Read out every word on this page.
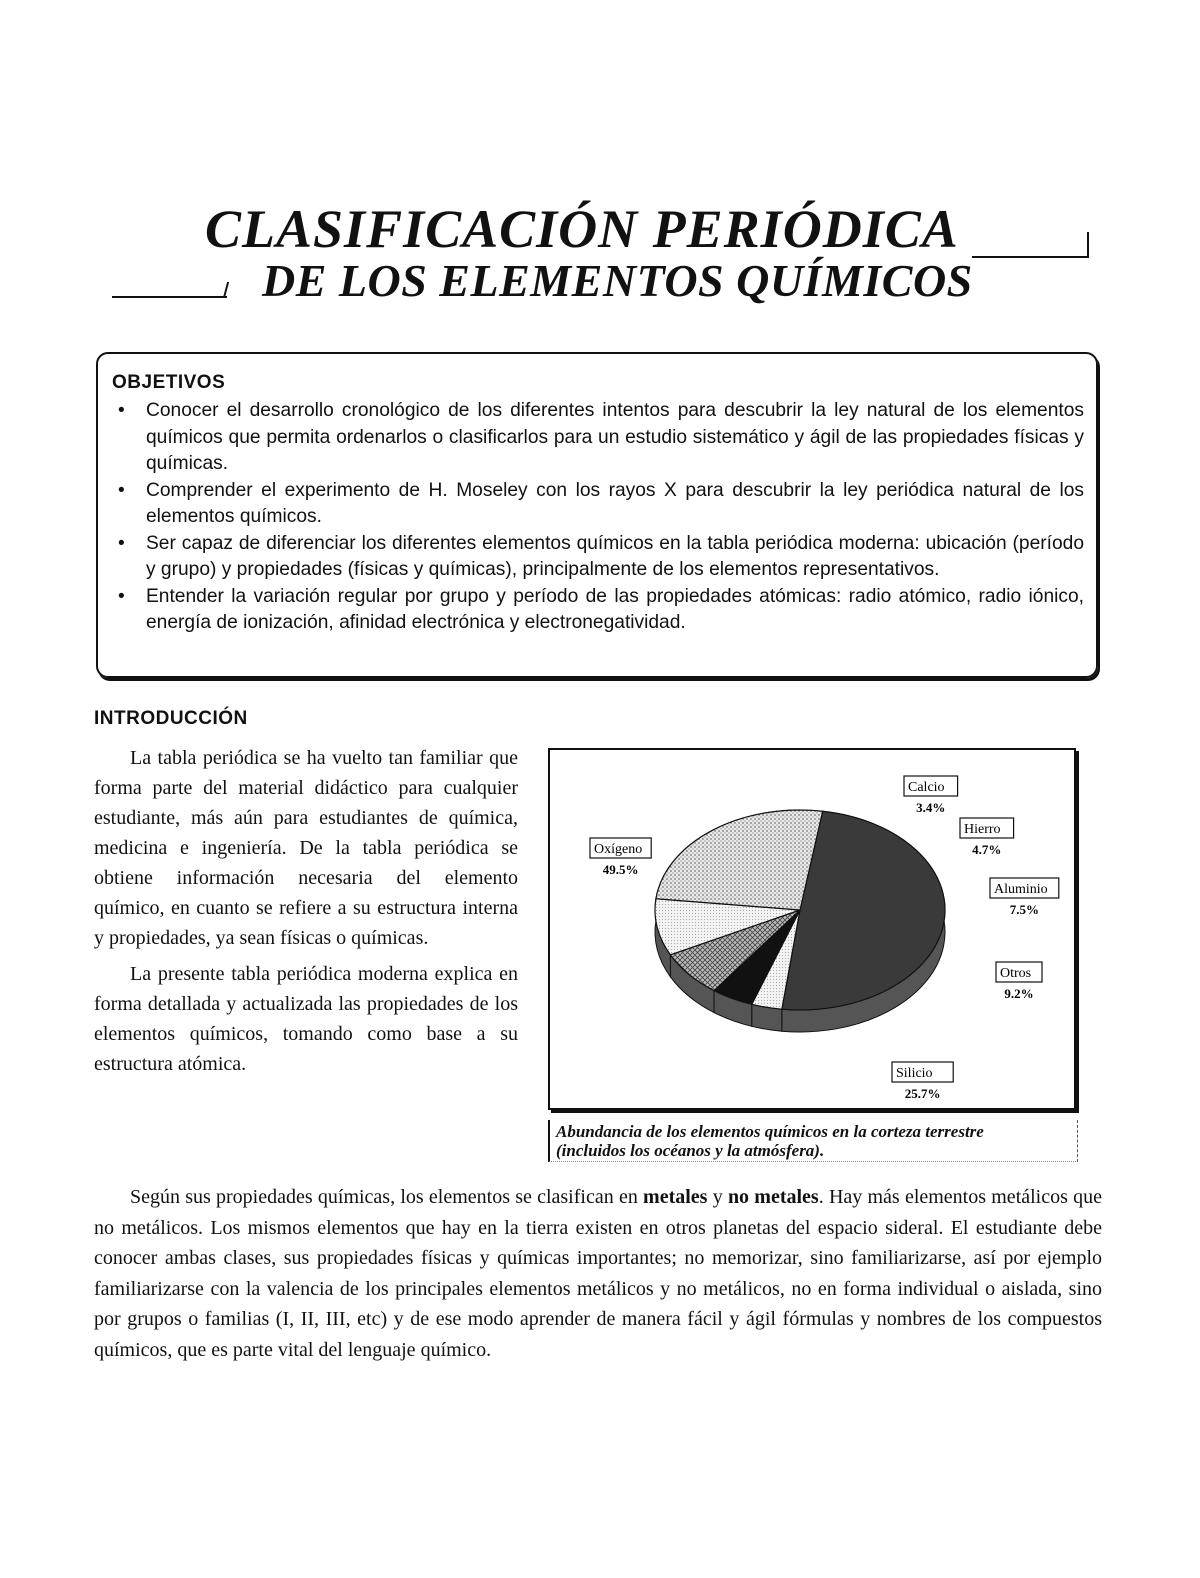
CLASIFICACIÓN PERIÓDICA
DE LOS ELEMENTOS QUÍMICOS
OBJETIVOS
• Conocer el desarrollo cronológico de los diferentes intentos para descubrir la ley natural de los elementos químicos que permita ordenarlos o clasificarlos para un estudio sistemático y ágil de las propiedades físicas y químicas.
• Comprender el experimento de H. Moseley con los rayos X para descubrir la ley periódica natural de los elementos químicos.
• Ser capaz de diferenciar los diferentes elementos químicos en la tabla periódica moderna: ubicación (período y grupo) y propiedades (físicas y químicas), principalmente de los elementos representativos.
• Entender la variación regular por grupo y período de las propiedades atómicas: radio atómico, radio iónico, energía de ionización, afinidad electrónica y electronegatividad.
INTRODUCCIÓN

La tabla periódica se ha vuelto tan familiar que forma parte del material didáctico para cualquier estudiante, más aún para estudiantes de química, medicina e ingeniería. De la tabla periódica se obtiene información necesaria del elemento químico, en cuanto se refiere a su estructura interna y propiedades, ya sean físicas o químicas.

La presente tabla periódica moderna explica en forma detallada y actualizada las propiedades de los elementos químicos, tomando como base a su estructura atómica.

Oxígeno
49.5%
Calcio
3.4%
Hierro
4.7%
Aluminio
7.5%
Otros
9.2%
Silicio
25.7%
Abundancia de los elementos químicos en la corteza terrestre
(incluidos los océanos y la atmósfera).

Según sus propiedades químicas, los elementos se clasifican en metales y no metales. Hay más elementos metálicos que no metálicos. Los mismos elementos que hay en la tierra existen en otros planetas del espacio sideral. El estudiante debe conocer ambas clases, sus propiedades físicas y químicas importantes; no memorizar, sino familiarizarse, así por ejemplo familiarizarse con la valencia de los principales elementos metálicos y no metálicos, no en forma individual o aislada, sino por grupos o familias (I, II, III, etc) y de ese modo aprender de manera fácil y ágil fórmulas y nombres de los compuestos químicos, que es parte vital del lenguaje químico.
